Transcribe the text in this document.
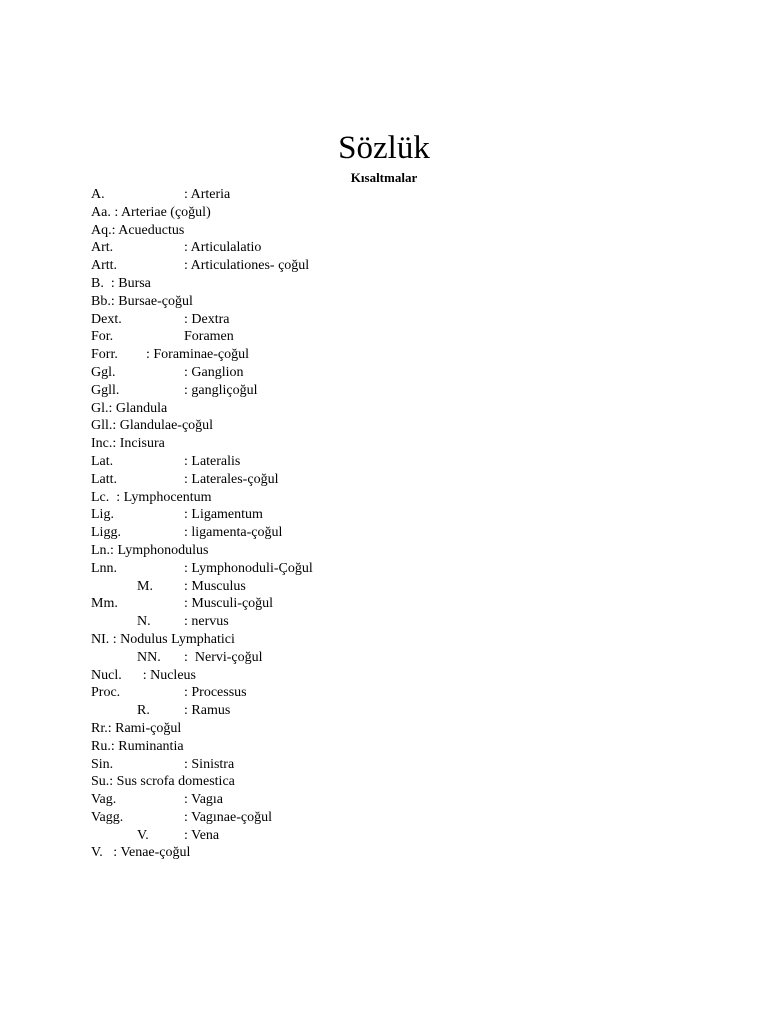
Sözlük
Kısaltmalar
A.	: Arteria
Aa. : Arteriae (çoğul)
Aq.: Acueductus
Art.	: Articulalatio
Artt.	: Articulationes- çoğul
B.  : Bursa
Bb.: Bursae-çoğul
Dext.	: Dextra
For.	Foramen
Forr. : Foraminae-çoğul
Ggl.	: Ganglion
Ggll.	: gangliçoğul
Gl.: Glandula
Gll.: Glandulae-çoğul
Inc.: Incisura
Lat.	: Lateralis
Latt.	: Laterales-çoğul
Lc.  : Lymphocentum
Lig.	: Ligamentum
Ligg.	: ligamenta-çoğul
Ln.: Lymphonodulus
Lnn.	: Lymphonoduli-Çoğul
M. : Musculus
Mm.	: Musculi-çoğul
N. : nervus
NI. : Nodulus Lymphatici
NN. :  Nervi-çoğul
Nucl.      : Nucleus
Proc.	: Processus
R. : Ramus
Rr.: Rami-çoğul
Ru.: Ruminantia
Sin.	: Sinistra
Su.: Sus scrofa domestica
Vag.	: Vagıa
Vagg.	: Vagınae-çoğul
V.	: Vena
V.   : Venae-çoğul
